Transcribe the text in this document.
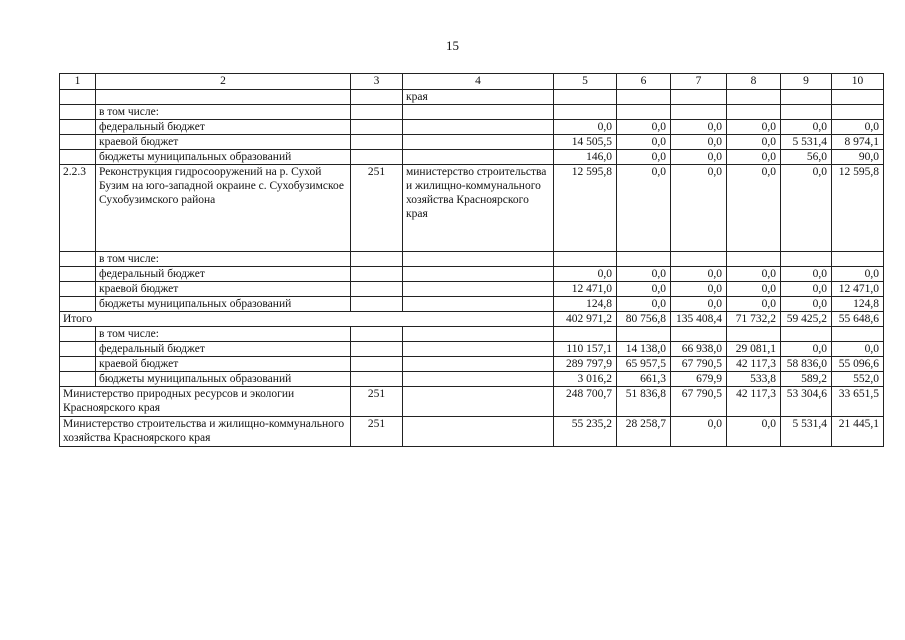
15
1	2	3	4	5	6	7	8	9	10
			края						
	в том числе:								
	федеральный бюджет			0,0	0,0	0,0	0,0	0,0	0,0
	краевой бюджет			14 505,5	0,0	0,0	0,0	5 531,4	8 974,1
	бюджеты муниципальных образований			146,0	0,0	0,0	0,0	56,0	90,0
2.2.3	Реконструкция гидросооружений на р. Сухой Бузим на юго-западной окраине с. Сухобузимское Сухобузимского района	251	министерство строительства и жилищно-коммунального хозяйства Красноярского края	12 595,8	0,0	0,0	0,0	0,0	12 595,8
	в том числе:								
	федеральный бюджет			0,0	0,0	0,0	0,0	0,0	0,0
	краевой бюджет			12 471,0	0,0	0,0	0,0	0,0	12 471,0
	бюджеты муниципальных образований			124,8	0,0	0,0	0,0	0,0	124,8
Итого				402 971,2	80 756,8	135 408,4	71 732,2	59 425,2	55 648,6
	в том числе:								
	федеральный бюджет			110 157,1	14 138,0	66 938,0	29 081,1	0,0	0,0
	краевой бюджет			289 797,9	65 957,5	67 790,5	42 117,3	58 836,0	55 096,6
	бюджеты муниципальных образований			3 016,2	661,3	679,9	533,8	589,2	552,0
Министерство природных ресурсов и экологии Красноярского края		251		248 700,7	51 836,8	67 790,5	42 117,3	53 304,6	33 651,5
Министерство строительства и жилищно-коммунального хозяйства Красноярского края		251		55 235,2	28 258,7	0,0	0,0	5 531,4	21 445,1
